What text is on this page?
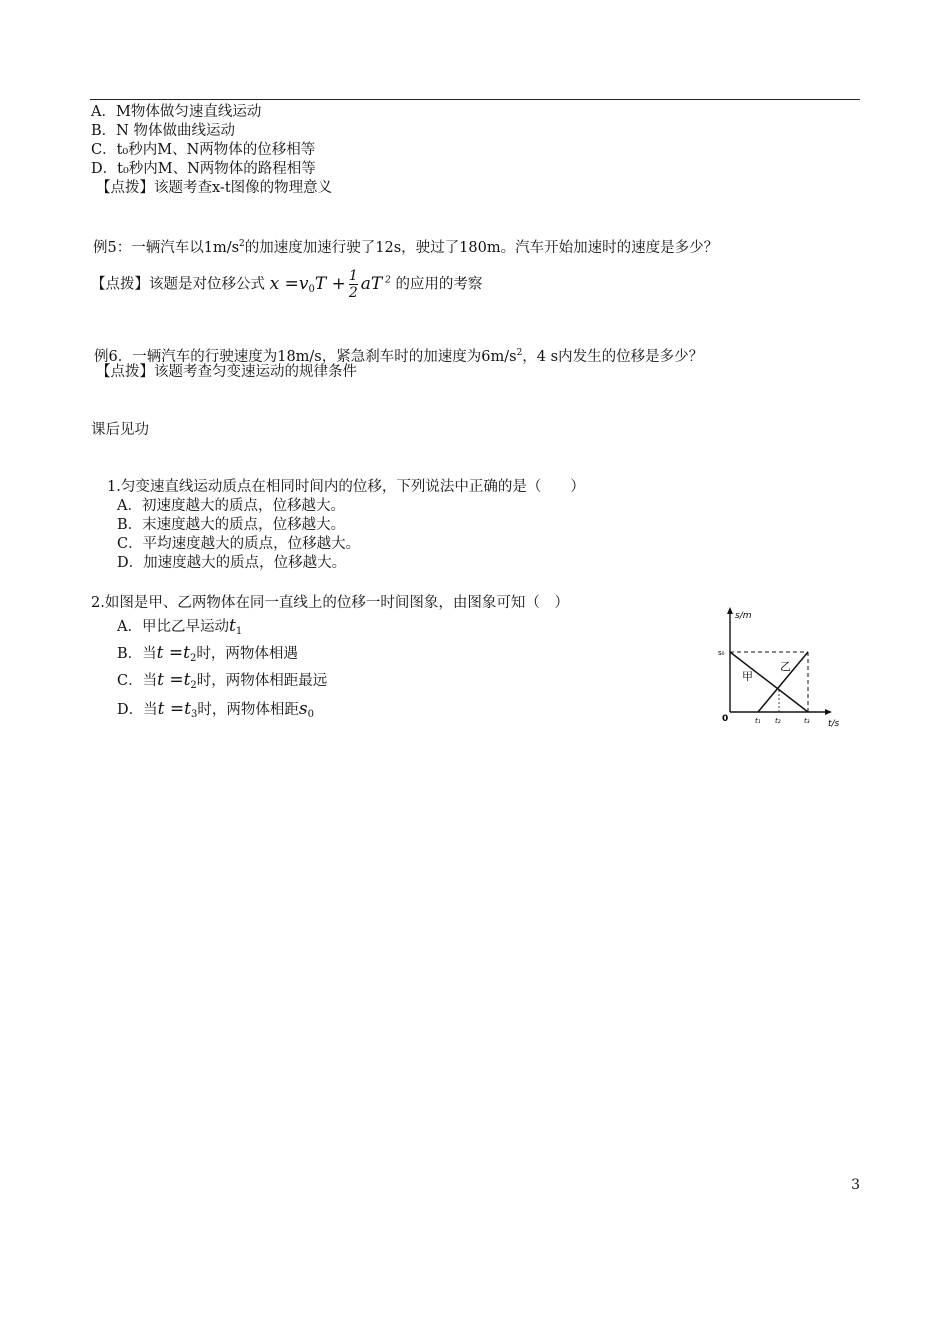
A．M物体做匀速直线运动
B．N 物体做曲线运动
C．t₀秒内M、N两物体的位移相等
D．t₀秒内M、N两物体的路程相等
【点拨】该题考查x-t图像的物理意义
例5：一辆汽车以$1m/s^2$的加速度加速行驶了12s，驶过了180m。汽车开始加速时的速度是多少？
【点拨】该题是对位移公式 $x =v_0T + \frac{1}{2}$ aT $^2$ 的应用的考察
例6．一辆汽车的行驶速度为18m/s，紧急刹车时的加速度为$6m/s^2$，4 s内发生的位移是多少？
【点拨】该题考查匀变速运动的规律条件
课后见功
1.匀变速直线运动质点在相同时间内的位移，下列说法中正确的是（　　）
A．初速度越大的质点，位移越大。
B．末速度越大的质点，位移越大。
C．平均速度越大的质点，位移越大。
D．加速度越大的质点，位移越大。
2.如图是甲、乙两物体在同一直线上的位移一时间图象，由图象可知（　）
A．甲比乙早运动$t_1$
B．当$t =t_2$时，两物体相遇
C．当$t =t_2$时，两物体相距最远
D．当$t =t_3$时，两物体相距$s_0$
s/m
t/s
0
s₀
甲
乙
t₁ t₂	t₃
3
